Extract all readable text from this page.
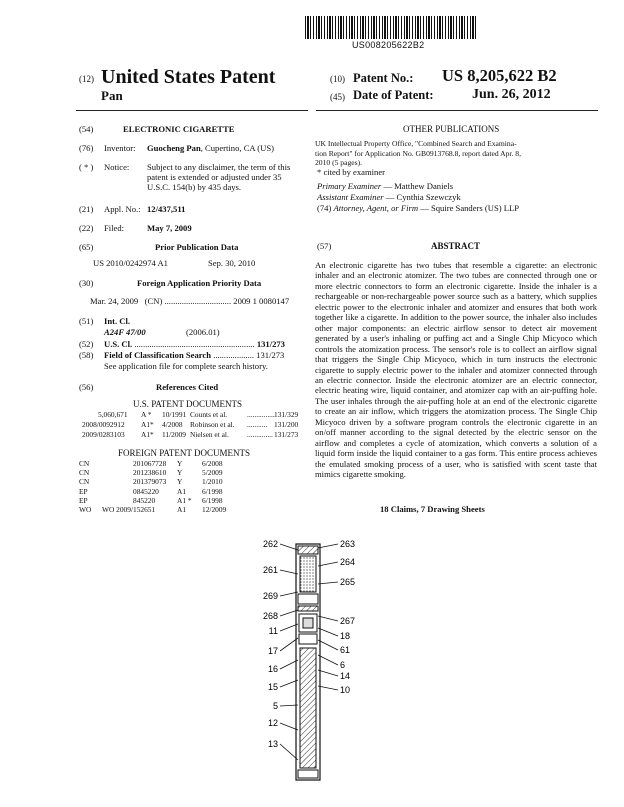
US008205622B2
(12) United States Patent
Pan
(10) Patent No.: US 8,205,622 B2
(45) Date of Patent:	Jun. 26, 2012
(54)	ELECTRONIC CIGARETTE
(76) Inventor: Guocheng Pan, Cupertino, CA (US)
( * ) Notice: Subject to any disclaimer, the term of this
patent is extended or adjusted under 35
U.S.C. 154(b) by 435 days.
(21) Appl. No.: 12/437,511
(22) Filed:	May 7, 2009
(65)	Prior Publication Data
US 2010/0242974 A1	Sep. 30, 2010
(30)	Foreign Application Priority Data
Mar. 24, 2009 (CN) ............................... 2009 1 0080147
(51) Int. Cl.
A24F 47/00	(2006.01)
(52) U.S. Cl. ........................................................ 131/273
(58) Field of Classification Search ................... 131/273
See application file for complete search history.
(56)	References Cited
U.S. PATENT DOCUMENTS
5,060,671 A * 10/1991 Counts et al.	............... 131/329
2008/0092912 A1* 4/2008 Robinson et al. ........... 131/200
2009/0283103 A1* 11/2009 Nielsen et al. .............. 131/273
FOREIGN PATENT DOCUMENTS
CN	201067728 Y	6/2008
CN	201238610 Y	5/2009
CN	201379073 Y	1/2010
EP	0845220 A1 6/1998
EP	845220	A1 * 6/1998
WO WO 2009/152651	A1 12/2009
OTHER PUBLICATIONS
UK Intellectual Property Office, "Combined Search and Examina-
tion Report" for Application No. GB0913768.8, report dated Apr. 8,
2010 (5 pages).
* cited by examiner
Primary Examiner — Matthew Daniels
Assistant Examiner — Cynthia Szewczyk
(74) Attorney, Agent, or Firm — Squire Sanders (US) LLP
(57)	ABSTRACT
An electronic cigarette has two tubes that resemble a cigarette: an electronic inhaler and an electronic atomizer. The two tubes are connected through one or more electric connectors to form an electronic cigarette. Inside the inhaler is a rechargeable or non-rechargeable power source such as a battery, which supplies electric power to the electronic inhaler and atomizer and ensures that both work together like a cigarette. In addition to the power source, the inhaler also includes other major components: an electric airflow sensor to detect air movement generated by a user's inhaling or puffing act and a Single Chip Micyoco which controls the atomization process. The sensor's role is to collect an airflow signal that triggers the Single Chip Micyoco, which in turn instructs the electronic cigarette to supply electric power to the inhaler and atomizer connected through an electric connector. Inside the electronic atomizer are an electric connector, electric heating wire, liquid container, and atomizer cap with an air-puffing hole. The user inhales through the air-puffing hole at an end of the electronic cigarette to create an air inflow, which triggers the atomization process. The Single Chip Micyoco driven by a software program controls the electronic cigarette in an on/off manner according to the signal detected by the electric sensor on the airflow and completes a cycle of atomization, which converts a solution of a liquid form inside the liquid container to a gas form. This entire process achieves the emulated smoking process of a user, who is satisfied with scent taste that mimics cigarette smoking.
18 Claims, 7 Drawing Sheets
262
261
269
268
11
17
16
15
5
12
13
263
264
265
267
18
61
6
14
10
